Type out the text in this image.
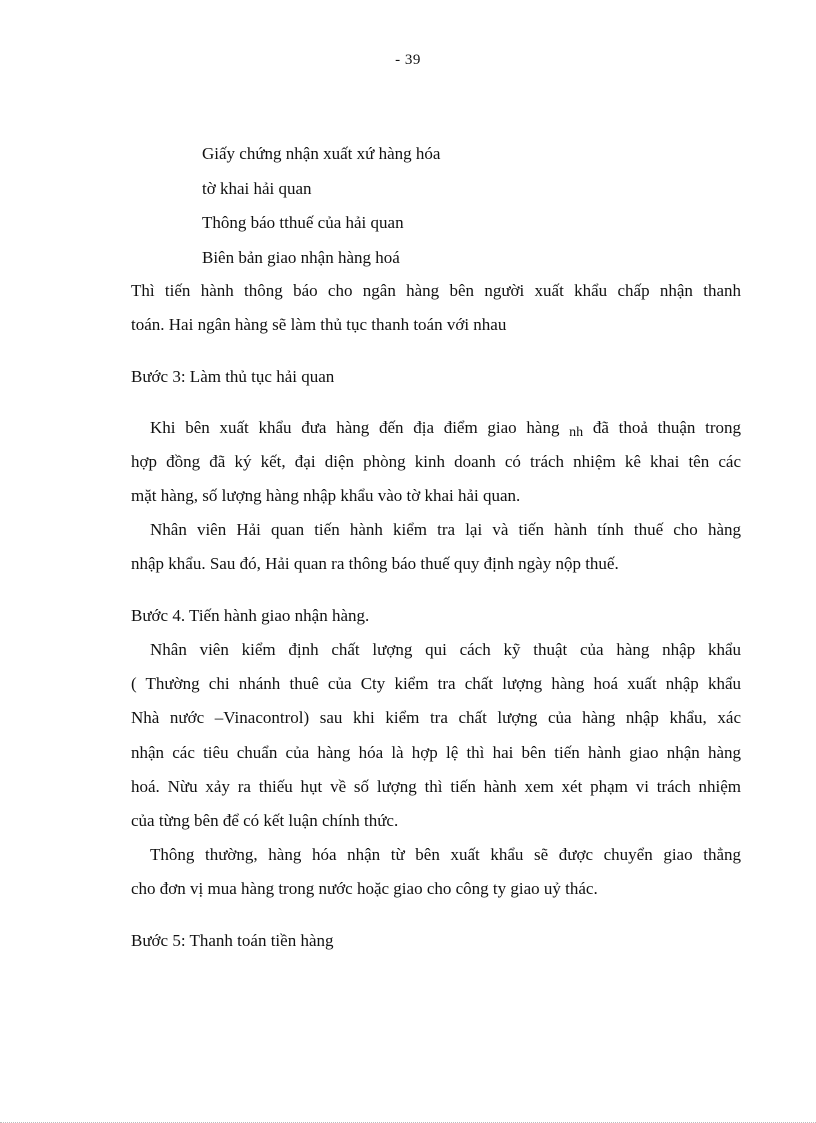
- 39
Giấy chứng nhận xuất xứ hàng hóa
tờ khai hải quan
Thông báo tthuế của hải quan
Biên bản giao nhận hàng hoá
Thì tiến hành thông báo cho ngân hàng bên người xuất khẩu chấp nhận thanh
toán. Hai ngân hàng sẽ làm thủ tục thanh toán với nhau
Bước 3: Làm thủ tục hải quan
Khi bên xuất khẩu đưa hàng đến địa điểm giao hàng nh đã thoả thuận trong
hợp đồng đã ký kết, đại diện phòng kinh doanh có trách nhiệm kê khai tên các
mặt hàng, số lượng hàng nhập khẩu vào tờ khai hải quan.
Nhân viên Hải quan tiến hành kiểm tra lại và tiến hành tính thuế cho hàng
nhập khẩu. Sau đó, Hải quan ra thông báo thuế quy định ngày nộp thuế.
Bước 4. Tiến hành giao nhận hàng.
Nhân viên kiểm định chất lượng qui cách kỹ thuật của hàng nhập khẩu
( Thường chi nhánh thuê của Cty kiểm tra chất lượng hàng hoá xuất nhập khẩu
Nhà nước –Vinacontrol) sau khi kiểm tra chất lượng của hàng nhập khẩu, xác
nhận các tiêu chuẩn của hàng hóa là hợp lệ thì hai bên tiến hành giao nhận hàng
hoá. Nừu xảy ra thiếu hụt về số lượng thì tiến hành xem xét phạm vi trách nhiệm
của từng bên để có kết luận chính thức.
Thông thường, hàng hóa nhận từ bên xuất khẩu sẽ được chuyển giao thẳng
cho đơn vị mua hàng trong nước hoặc giao cho công ty giao uỷ thác.
Bước 5: Thanh toán tiền hàng
